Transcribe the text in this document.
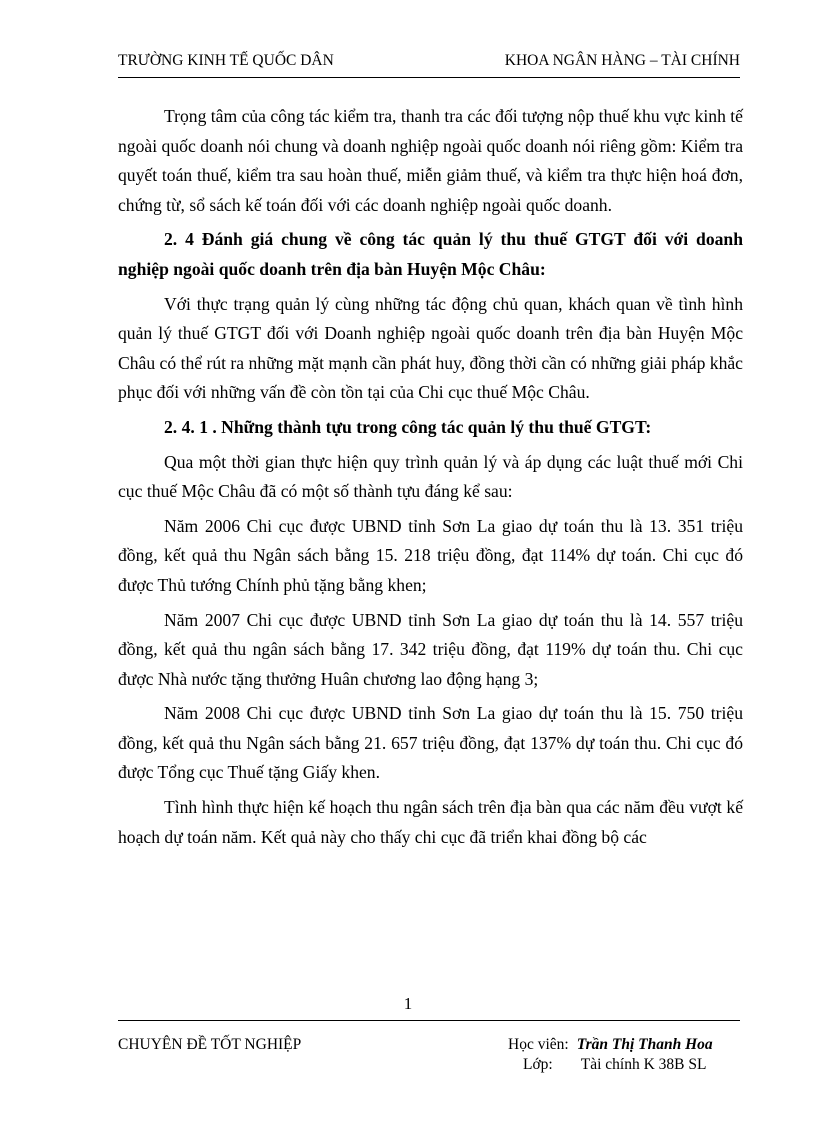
TRƯỜNG KINH TẾ QUỐC DÂN	KHOA NGÂN HÀNG – TÀI CHÍNH

Trọng tâm của công tác kiểm tra, thanh tra các đối tượng nộp thuế khu vực kinh tế ngoài quốc doanh nói chung và doanh nghiệp ngoài quốc doanh nói riêng gồm: Kiểm tra quyết toán thuế, kiểm tra sau hoàn thuế, miễn giảm thuế, và kiểm tra thực hiện hoá đơn, chứng từ, sổ sách kế toán đối với các doanh nghiệp ngoài quốc doanh.

2. 4 Đánh giá chung về công tác quản lý thu thuế GTGT đối với doanh nghiệp ngoài quốc doanh trên địa bàn Huyện Mộc Châu:

Với thực trạng quản lý cùng những tác động chủ quan, khách quan về tình hình quản lý thuế GTGT đối với Doanh nghiệp ngoài quốc doanh trên địa bàn Huyện Mộc Châu có thể rút ra những mặt mạnh cần phát huy, đồng thời cần có những giải pháp khắc phục đối với những vấn đề còn tồn tại của Chi cục thuế Mộc Châu.

2. 4. 1 . Những thành tựu trong công tác quản lý thu thuế GTGT:

Qua một thời gian thực hiện quy trình quản lý và áp dụng các luật thuế mới Chi cục thuế Mộc Châu đã có một số thành tựu đáng kể sau:

Năm 2006 Chi cục được UBND tỉnh Sơn La giao dự toán thu là 13. 351 triệu đồng, kết quả thu Ngân sách bằng 15. 218 triệu đồng, đạt 114% dự toán. Chi cục đó được Thủ tướng Chính phủ tặng bằng khen;

Năm 2007 Chi cục được UBND tỉnh Sơn La giao dự toán thu là 14. 557 triệu đồng, kết quả thu ngân sách bằng 17. 342 triệu đồng, đạt 119% dự toán thu. Chi cục được Nhà nước tặng thưởng Huân chương lao động hạng 3;

Năm 2008 Chi cục được UBND tỉnh Sơn La giao dự toán thu là 15. 750 triệu đồng, kết quả thu Ngân sách bằng 21. 657 triệu đồng, đạt 137% dự toán thu. Chi cục đó được Tổng cục Thuế tặng Giấy khen.

Tình hình thực hiện kế hoạch thu ngân sách trên địa bàn qua các năm đều vượt kế hoạch dự toán năm. Kết quả này cho thấy chi cục đã triển khai đồng bộ các

1
CHUYÊN ĐỀ TỐT NGHIỆP	Học viên: Trần Thị Thanh Hoa
Lớp: Tài chính K 38B SL
